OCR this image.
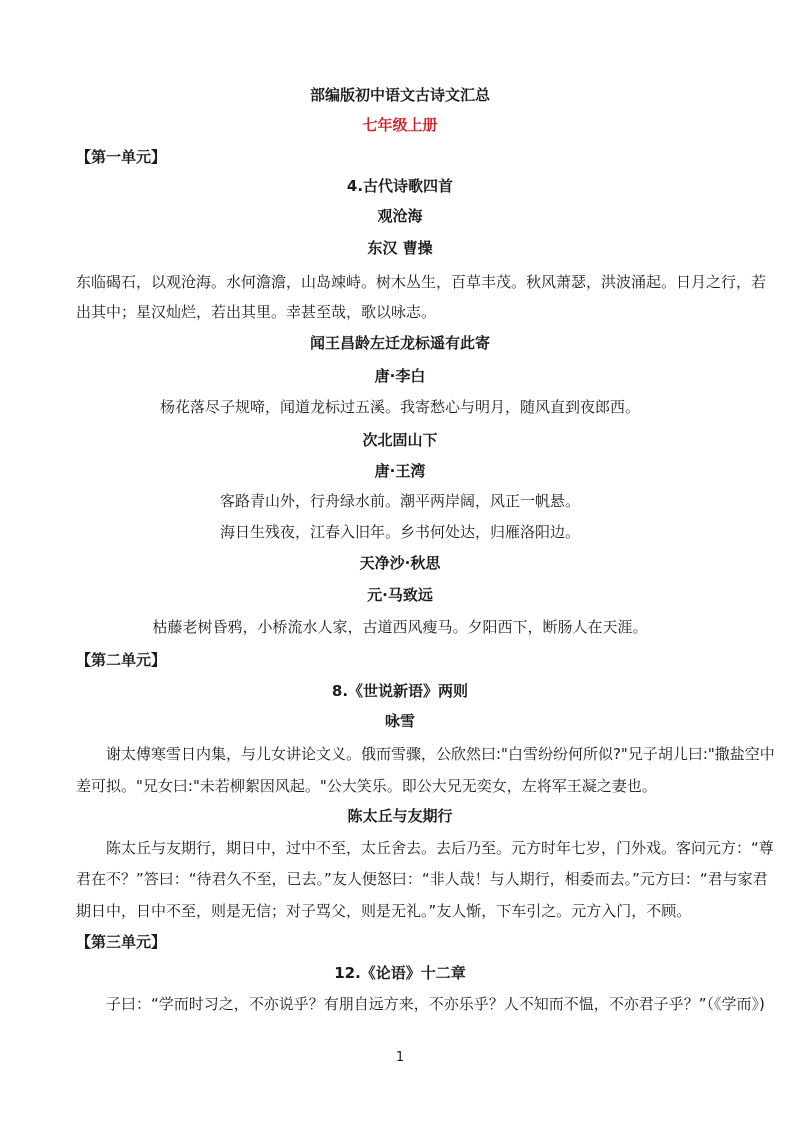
部编版初中语文古诗文汇总
七年级上册
【第一单元】
4.古代诗歌四首
观沧海
东汉 曹操
东临碣石，以观沧海。水何澹澹，山岛竦峙。树木丛生，百草丰茂。秋风萧瑟，洪波涌起。日月之行，若
出其中；星汉灿烂，若出其里。幸甚至哉，歌以咏志。
闻王昌龄左迁龙标遥有此寄
唐·李白
杨花落尽子规啼，闻道龙标过五溪。我寄愁心与明月，随风直到夜郎西。
次北固山下
唐·王湾
客路青山外，行舟绿水前。潮平两岸阔，风正一帆悬。
海日生残夜，江春入旧年。乡书何处达，归雁洛阳边。
天净沙·秋思
元·马致远
枯藤老树昏鸦，小桥流水人家，古道西风瘦马。夕阳西下，断肠人在天涯。
【第二单元】
8.《世说新语》两则
咏雪
谢太傅寒雪日内集，与儿女讲论文义。俄而雪骤，公欣然曰:"白雪纷纷何所似?"兄子胡儿曰:"撒盐空中
差可拟。"兄女曰:"未若柳絮因风起。"公大笑乐。即公大兄无奕女，左将军王凝之妻也。
陈太丘与友期行
陈太丘与友期行，期日中，过中不至，太丘舍去。去后乃至。元方时年七岁，门外戏。客问元方：“尊
君在不？”答曰：“待君久不至，已去。”友人便怒曰：“非人哉！与人期行，相委而去。”元方曰：“君与家君
期日中，日中不至，则是无信；对子骂父，则是无礼。”友人惭，下车引之。元方入门，不顾。
【第三单元】
12.《论语》十二章
子曰：“学而时习之，不亦说乎？有朋自远方来，不亦乐乎？人不知而不愠，不亦君子乎？”（《学而》)
1
